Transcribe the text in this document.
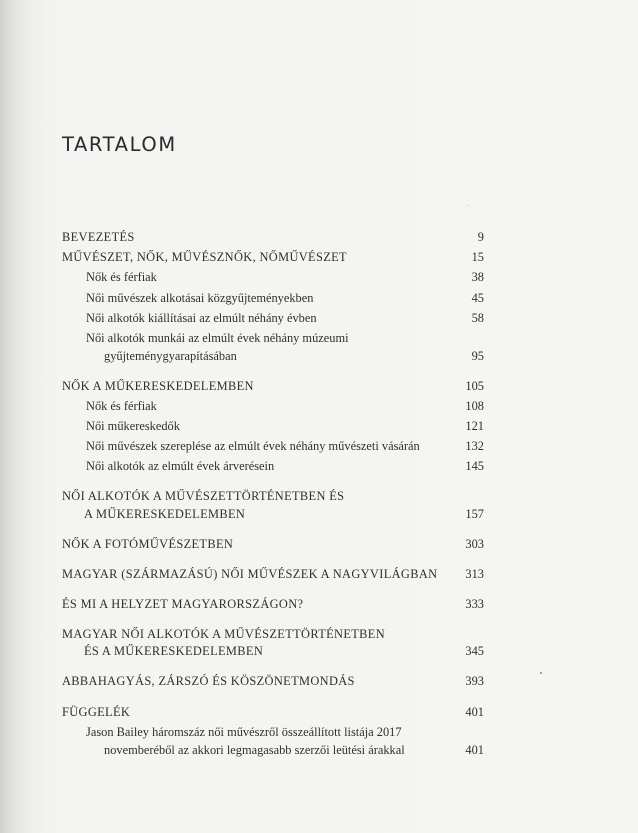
TARTALOM
BEVEZETÉS	9
MŰVÉSZET, NŐK, MŰVÉSZNŐK, NŐMŰVÉSZET	15
Nők és férfiak	38
Női művészek alkotásai közgyűjteményekben	45
Női alkotók kiállításai az elmúlt néhány évben	58
Női alkotók munkái az elmúlt évek néhány múzeumi
gyűjteménygyarapításában	95
NŐK A MŰKERESKEDELEMBEN	105
Nők és férfiak	108
Női műkereskedők	121
Női művészek szereplése az elmúlt évek néhány művészeti vásárán	132
Női alkotók az elmúlt évek árverésein	145
NŐI ALKOTÓK A MŰVÉSZETTÖRTÉNETBEN ÉS
A MŰKERESKEDELEMBEN	157
NŐK A FOTÓMŰVÉSZETBEN	303
MAGYAR (SZÁRMAZÁSÚ) NŐI MŰVÉSZEK A NAGYVILÁGBAN 313
ÉS MI A HELYZET MAGYARORSZÁGON?	333
MAGYAR NŐI ALKOTÓK A MŰVÉSZETTÖRTÉNETBEN
ÉS A MŰKERESKEDELEMBEN	345
ABBAHAGYÁS, ZÁRSZÓ ÉS KÖSZÖNETMONDÁS	393
FÜGGELÉK	401
Jason Bailey háromszáz női művészről összeállított listája 2017
novemberéből az akkori legmagasabb szerzői leütési árakkal	401
